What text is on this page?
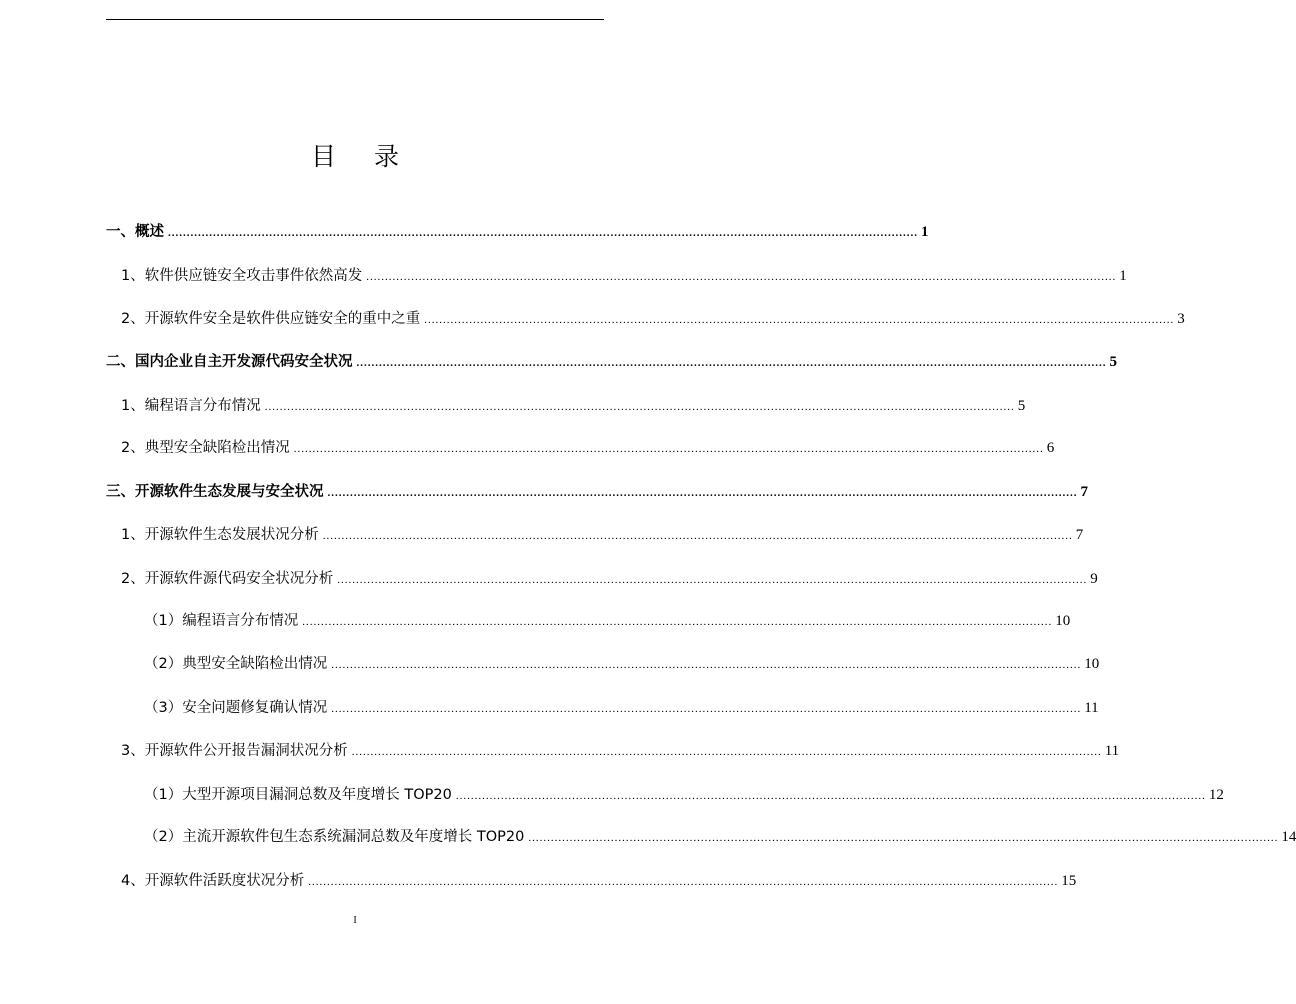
目录
一、概述 ........................................................................................................................................................................................................ 1
1、软件供应链安全攻击事件依然高发 ........................................................................................................................................................................................................ 1
2、开源软件安全是软件供应链安全的重中之重 ........................................................................................................................................................................................................ 3
二、国内企业自主开发源代码安全状况 ........................................................................................................................................................................................................ 5
1、编程语言分布情况 ........................................................................................................................................................................................................ 5
2、典型安全缺陷检出情况 ........................................................................................................................................................................................................ 6
三、开源软件生态发展与安全状况 ........................................................................................................................................................................................................ 7
1、开源软件生态发展状况分析 ........................................................................................................................................................................................................ 7
2、开源软件源代码安全状况分析 ........................................................................................................................................................................................................ 9
（1）编程语言分布情况 ........................................................................................................................................................................................................ 10
（2）典型安全缺陷检出情况 ........................................................................................................................................................................................................ 10
（3）安全问题修复确认情况 ........................................................................................................................................................................................................ 11
3、开源软件公开报告漏洞状况分析 ........................................................................................................................................................................................................ 11
（1）大型开源项目漏洞总数及年度增长 TOP20 ........................................................................................................................................................................................................ 12
（2）主流开源软件包生态系统漏洞总数及年度增长 TOP20 ........................................................................................................................................................................................................ 14
4、开源软件活跃度状况分析 ........................................................................................................................................................................................................ 15
I
